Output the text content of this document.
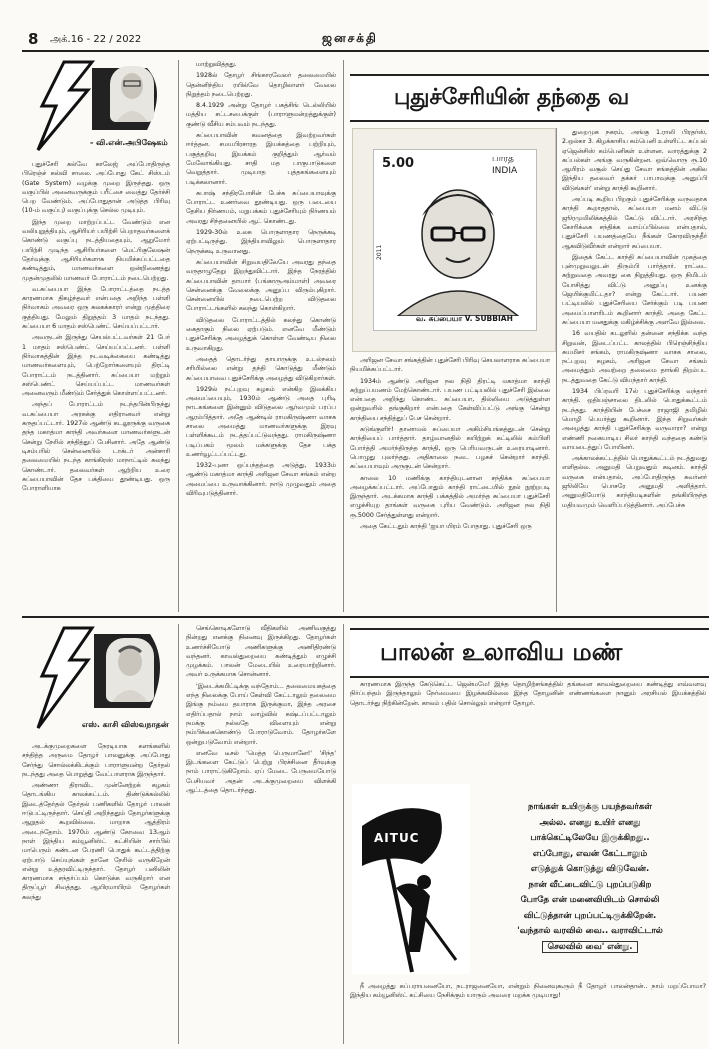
8 அக்.16 - 22 / 2022	ஜனசக்தி
- வி.என்.அபிஷேகம்

புதுச்சேரி கல்வே காலேஜ் அப்போதிருந்த பிரெஞ்ச் கல்வி சாலை. அப்போது கேட் சிஸ்டம் (Gate System) வழக்கு முறை இருந்தது. ஒரு வகுப்பில் அனைவருக்கும் பரீட்சை வைத்து தேர்ச்சி பெற வேண்டும். அப்போதுதான் அடுத்த பிரிவு (10-ம் வகுப்பு) வகுப்புக்கு செல்ல முடியும்.

இந்த முறை மாற்றப்பட்ட வேண்டும் என வலியுறுத்தியும், ஆசிரியர் பயிற்சி பெறாதவர்களைக் கொண்டு வகுப்பு நடத்தியதையும், ஆறுமோர் பயிற்சி முடிந்த ஆசிரியர்களை மெட்ரிகுலேஷன் தேர்வுக்கு ஆசிரியர்களாக நியமிக்கப்பட்டதை கண்டித்தும், மாணவர்களை ஒன்றிணைத்து முதன்முதலில் மாணவர் போராட்டம் நடைபெற்றது.

வ.சுப்பையா இந்த போராட்டத்தை நடத்த காரணமாக திகழ்ந்தவர் என்பதை அறிந்த பள்ளி நிர்வாகம் அவரை ஒரு கலகக்காரர் என்று முத்திரை குத்தியது. மேலும் திறுத்தம் 3 மாதம் நடந்தது. சுப்பையா 6 மாதம் சஸ்பெண்ட் செய்யப்பட்டார்.

அவருடன் இருந்து செயல்பட்டவர்கள் 21 பேர் 1 மாதம் சஸ்பெண்ட் செய்யப்பட்டனர். பள்ளி நிர்வாகத்தின் இந்த நடவடிக்கையை கண்டித்து மாணவர்களையும், பெற்றோர்களையும் திரட்டி போராட்டம் நடத்தினார். சுப்பையா மற்றும் சஸ்பெண்ட் செய்யப்பட்ட மாணவர்கள் அனைவரும் மீண்டும் சேர்த்துக் கொள்ளப்பட்டனர்.

அந்தப் போராட்டம் நடந்தபின்பிருந்து வ.சுப்பையா அரசுக்கு எதிரானவர் என்று கருதப்பட்டார். 1927ல் ஆண்டு கடலூருக்கு வருகை தந்த மகாத்மா காந்தி அவர்களை மாணவர்களுடன் சென்று நேரில் சந்தித்துப் பேசினார். அதே ஆண்டு டிசம்பரில் சென்னையில் டாக்டர் அன்சாரி தலைமையில் நடந்த காங்கிரஸ் மாநாட்டில் கலந்து கொண்டார். தலைவர்கள் ஆற்றிய உரை சுப்பையாவின் தேச பக்தியை தூண்டியது. ஒரு போராளியாக

மாற்றுவித்தது.

1928ல் தோழர் சிங்காரவேலர் தலைமையில் தென்னிந்திய ரயில்வே தொழிலாளர் வேலை நிறுத்தம் நடைபெற்றது.

8.4.1929 அன்று தோழர் பகத்சிங் டெல்லியில் மத்திய சட்டசபைக்குள் (பாராளுமன்றத்துக்குள்) குண்டு வீசிய சம்பவம் நடந்தது.

சுப்பையாவின் கவனத்தை இவற்றவர்கள் ஈர்த்தன. சமயபிரசாரத இயக்கத்தை பற்றியும், பகுத்தறிவு இயக்கம் குறித்தும் ஆர்வம் மேலோங்கியது. சாதி மத பாகுபாடுகளை வெறுத்தார். முடியாத புத்தகங்களையும் படிக்கலானார்.

சுபாஷ் சந்திரபோசின் பேச்சு சுப்பையாவுக்கு போராட்ட உணர்வை தூண்டியது. ஒரு படையை தேசிய நிர்ணயம், மறுபக்கம் புதுச்சேரியும் நிர்ணயம் அவரது சிந்தனையில் ஆட் கொண்டது.

1929-30ல் உலக பொருளாதார நெருக்கடி ஏற்பட்டிருந்து. இந்தியாவிலும் பொருளாதார நெருக்கடி உருவானது.

சுப்பையாவின் சிறுவயதிலேயே அவரது தந்தை வருதாழுதேறு இறந்துவிட்டார். இந்த நேரத்தில் சுப்பையாவின் தாயார் (பங்காருஅம்மாள்) அவரை சென்னைக்கு வேலைக்கு அனுப்ப விரும்புகிறார். சென்னையில் நடைபெற்ற விடுதலை போராட்டங்களில் கலந்து கொள்கிறார்.

விடுதலை போராட்டத்தில் கலந்து கொண்டு கைதாகும் நிலை ஏற்படும். எனவே மீண்டும் புதுச்சேரிக்கு அழைத்துக் கொள்ள வேண்டிய நிலை உருவாகிறது.

அதைத் தொடர்ந்து தாயாருக்கு உடல்நலம் சரியில்லை என்று தந்தி கொடுத்து மீண்டும் சுப்பையாவை புதுச்சேரிக்கு அழைத்து விடுகிறார்கள்.

1929ல் நட்புறவு கழகம் என்கிற இலக்கிய அமைப்பையும், 1930ம் ஆண்டு அதை புரிடி நாடகங்களை இன்னும் விடுதலை ஆர்வமும் பரப்ப ஆரம்பித்தார். அதே ஆண்டில் ராமகிருஷ்ணா வாசக சாலை அமைத்து மாணவர்களுக்கு இரவு பள்ளிக்கூடம் நடத்தப்பட்டுவந்தது. ராமகிருஷ்ணா படிப்பகம் மூலம் மக்களுக்கு தேச பக்த உணர்வூட்டப்பட்டது.

1932-புனா ஒப்பந்தத்தை அடுத்து, 1933ம் ஆண்டு மகாத்மா காந்தி அரிஜன சேவா சங்கம் என்ற அமைப்பை உருவாக்கினார். நாடு முழுவதும் அதை விரிவுபடுத்தினார்.

புதுச்சேரியின் தந்தை வ
5.00	பாரத
INDIA
2011
வ. சுப்பையா V. SUBBIAH

அரிஜன சேவா சங்கத்தின் புதுச்சேரி பிரிவு செயலாளராக சுப்பையா நியமிக்கப்பட்டார்.

1934ம் ஆண்டு அரிஜன நல நிதி திரட்டி மகாத்மா காந்தி சுற்றுப்பயணம் மேற்கொண்டார். பயண பட்டியலில் புதுச்சேரி இல்லை என்பதை அறிந்து கொண்ட சுப்பையா, தில்லியை அடுத்துள்ள ஒன்றுவரில் தங்குகிறார் என்பதை கேள்விப்பட்டு அங்கு சென்று காந்தியை சந்தித்துப் பேச சென்றார்.

கடுங்குளிர்! தானாமல் சுப்பையா அகிம்சியங்கத்துடன் சென்று காந்தியைப் பார்த்தார். தாழ்வானதில் கயிற்றுக் கட்டிலில் கம்பிளி போர்த்தி அமர்ந்திருந்த காந்தி, ஒரு பெரியவருடன் உரையாடினார். பொழுது புலர்ந்தது. அதிகாலை நடை பழகச் சென்றார் காந்தி. சுப்பையாவும் அருகுடன் சென்றார்.

காலை 10 மணிக்கு காந்தியுடனான சந்திக்க சுப்பையா அழைக்கப்பட்டார். அப்போதும் காந்தி ராட்டையில் நூல் நூற்றபடி இருந்தார். அடக்கமாக காந்தி பக்கத்தில் அமர்ந்த சுப்பையா புதுச்சேரி எழுச்சியுற தாங்கள் வருகை புரிய வேண்டும். அரிஜன நல நிதி ரூ.5000 சேர்த்துள்ளது என்றார்.

அதை கேட்டதும் காந்தி 'ஐயா யிரம் போதாது. புதுச்சேரி ஒரு

துறைமுக நகரம், அங்கு 1.ராலி பிரதர்ஸ், 2.ஒல்கா 3. கிழக்காசிய கம்பெனி உள்ளிட்ட கப்பல் ஏஜென்சிஸ் கம்பெனிகள் உள்ளன. வாரத்துக்கு 2 கப்பல்கள் அங்கு வருகின்றன. ஒவ்வொரு ரூ.10 ஆயிரம் வசூல் செய்து சேவா சங்கத்தின் அகில இந்திய தலைவர் தக்கர் பாபாவுக்கு அனுப்பி விடுங்கள்' என்று காந்தி கூறினார்.

அப்படி கூறிய பிறகும் புதுச்சேரிக்கு வருவதாக காந்தி கூறாததால், சுப்பையா மனம் விட்டு ஜூரமுமிலிக்கத்தில் கேட்டு விட்டார். அரசிந்த கோரிக்கை சந்திக்க வாய்ப்பில்லை என்பதால், புதுச்சேரி பயணத்தையே நீங்கள் கோரவிருந்தீர் ஆகவிடுவீர்கள் என்றார் சுப்பையா.

இதைக் கேட்ட காந்தி சுப்பையாவின் முகத்தை புன்முறுவலுடன் திரும்பி பார்த்தார். ராட்டை சுற்றுவதை அவரது கை நிறுத்தியது. ஒரு நிமிடம் யோசித்து விட்டு அனுப்பு உனக்கு ஜெயிக்குமிட்டதா? என்று கேட்டார். பயண பட்டியலில் புதுச்சேரியை சேர்க்கும் படி பயண அமைப்பாளரிடம் கூறினார் காந்தி. அதை கேட்ட சுப்பையா மனதுக்கு மகிழ்ச்சிக்கு அளவே இல்லை.

16 வயதில் கடலூரில் தன்னை சந்திக்க வந்த சிறுவன், இடைப்பட்ட காலத்தில் பிரெஞ்சிந்திய சுயமிசர் சங்கம், ராமகிருஷ்ணா வாசக சாலை, நட்புறவு கழகம், அரிஜன சேவா சங்கம் அமைத்தும் அவற்றை தலைமை தாங்கி திறம்பட நடத்துவதை கேட்டு வியந்தார் காந்தி.

1934 பிப்ரவரி 17ல் புதுச்சேரிக்கு வந்தார் காந்தி. ஒதியஞ்சாலை திடலில் பொதுக்கூட்டம் நடந்தது. காந்தியின் பேச்சை ராஜாஜி தமிழில் மொழி பெயர்த்து கூறினார். இந்த சிறுவர்கள் அழைத்து காந்தி புதுச்சேரிக்கு வருவாரா? என்று எண்ணி நகையாடிய சிலர் காந்தி வந்ததை கண்டு வாயடைத்துப் போயினர்.

அக்காலக்கட்டத்தில் பொதுக்கூட்டம் நடத்துவது எளிதல்ல. அனுமதி பெறுவதும் கடினம். காந்தி வருகை என்பதால், அப்போதிருந்த கவர்னர் ஜூலியே பொசரே அனுமதி அளித்தார். அனுமதியோடு காந்தியடிகளின் தங்கியிருந்த மதியவமும் வெளிப்படுத்தினார். அப்பேச்சு

எஸ். காசி விஸ்வநாதன்

அடக்குமுறைகளை நேரடியாக களங்களில் சந்தித்த அருமை தோழர் பாலனுக்கு அப்போது சேர்ந்து சொல்லக்கிடக்கும் பாராளுமன்ற தேர்தல் நடந்தது அதை பொறுத்து வேட்பாளராக இருந்தார்.

அண்ணா திராவிட முன்னேற்றக் கழகம் தொடங்கிய காலக்கட்டம். திண்டுக்கல்லில் இடைத்தேர்தல் தேர்தல் பணிகளில் தோழர் பாலன் ஈடுபட்டிருந்தார். செய்தி அறிந்ததும் தோழர்களுக்கு ஆறுதல் கூறவில்லை. மாறாக ஆத்திரம் அடைந்தோம். 1970ம் ஆண்டு கோவை 13ஆம் நாள் இந்திய கம்யூனிஸ்ட் கட்சியின் சார்பில் மாபெரும் கண்டன பேரணி பொதுக் கூட்டத்திற்கு ஏற்பாடு செய்யுங்கள் தானே நேரில் வருகிறேன் என்று உத்தரவிட்டிருந்தார். தோழர் பனிலின் காரணமாக சந்தர்ப்பம் கொடுக்க வருகிறார் என திருப்பூர் சிவத்தது. ஆயிரமாயிரம் தோழர்கள் கலந்து

செங்கொடிகளோடு வீதிகளில் அணிவகுத்து நின்றது எனக்கு நினைவு இருக்கிறது. தோழர்கள் உணர்ச்சியோடு அணிகளுக்கு அணிதிரண்டு வந்தனர். காவல்துறையை கண்டித்தும் எழுச்சி முழக்கம். பாலன் மேடையில் உரையாற்றினார். அவர் உருக்கமாக சொன்னார்.

'இடைக்கமிட்டிக்கு வந்தோம்... தலைமையகத்தை எந்த நிலைக்கு போய் கேள்வி கேட்டாலும் தலைமை இங்கு நம்மை தயாராக இருக்குமா, இந்த அரசை எதிர்ப்பதால் நாம் வாழ்வில் கஷ்டப்பட்டாலும் நமக்கு நல்லதே விளையும் என்று நம்பிக்கைகொண்டு போராடுவோம். தோழர்களே ஒன்றுபடுவோம் என்றார்.

எனவே டீசல் 'மெத்த பெருமானே!' 'சிந்த' இடங்களை கேட்டுப் பெற்று பிரச்சினை தீர்வுக்கு நாம் பாராட்டுகிறோம். ஏப் மேடை பேருமையோடு பேசியவர் அதன் அடக்குமுறையை விளக்கி ஆட்டத்தை தொடர்ந்தது.

பாலன் உலாவிய மண்

காரணமாக இருந்த கேடுகெட்ட ஜென்மமே! இந்த தொழிற்சங்கத்தில் தங்களை காவல்துறையை கண்டித்து எவ்வளவு நிர்ப்பந்தம் இருந்தாலும் நேர்மையை இழக்கவில்லை இந்த தோழனின் எண்ணங்களை நானும் அரசியல் இயக்கத்தில் தொடர்ந்து நிற்கின்றேன். காலம் பதில் சொல்லும் என்றார் தோழர்.

AITUC
நாங்கள் உயிருக்கு பயந்தவர்கள்
அல்ல. எனது உயிர் எனது
பாக்கெட்டிலேயே இருக்கிறது..
எப்போது, எவன் கேட்டாலும்
எடுத்துக் கொடுத்து விடுவேன்.
நான் வீட்டைவிட்டு புறப்படுகிற
போதே என் மனைவியிடம் சொல்லி
விட்டுத்தான் புறப்பட்டிருக்கிறேன்.
'வந்தால் வரவில் வை.. வராவிட்டால்
செலவில் வை' என்று.

நீ அழைத்து சுப்பராயனையோ, நடராஜனையோ, என்றும் நினைவுகூரும் நீ தோழர் பாலன்தான்.. நாம் மறப்போமா? இந்திய கம்யூனிஸ்ட் கட்சியை நேசிக்கும் யாரும் அவரை மறக்க முடியாது!
